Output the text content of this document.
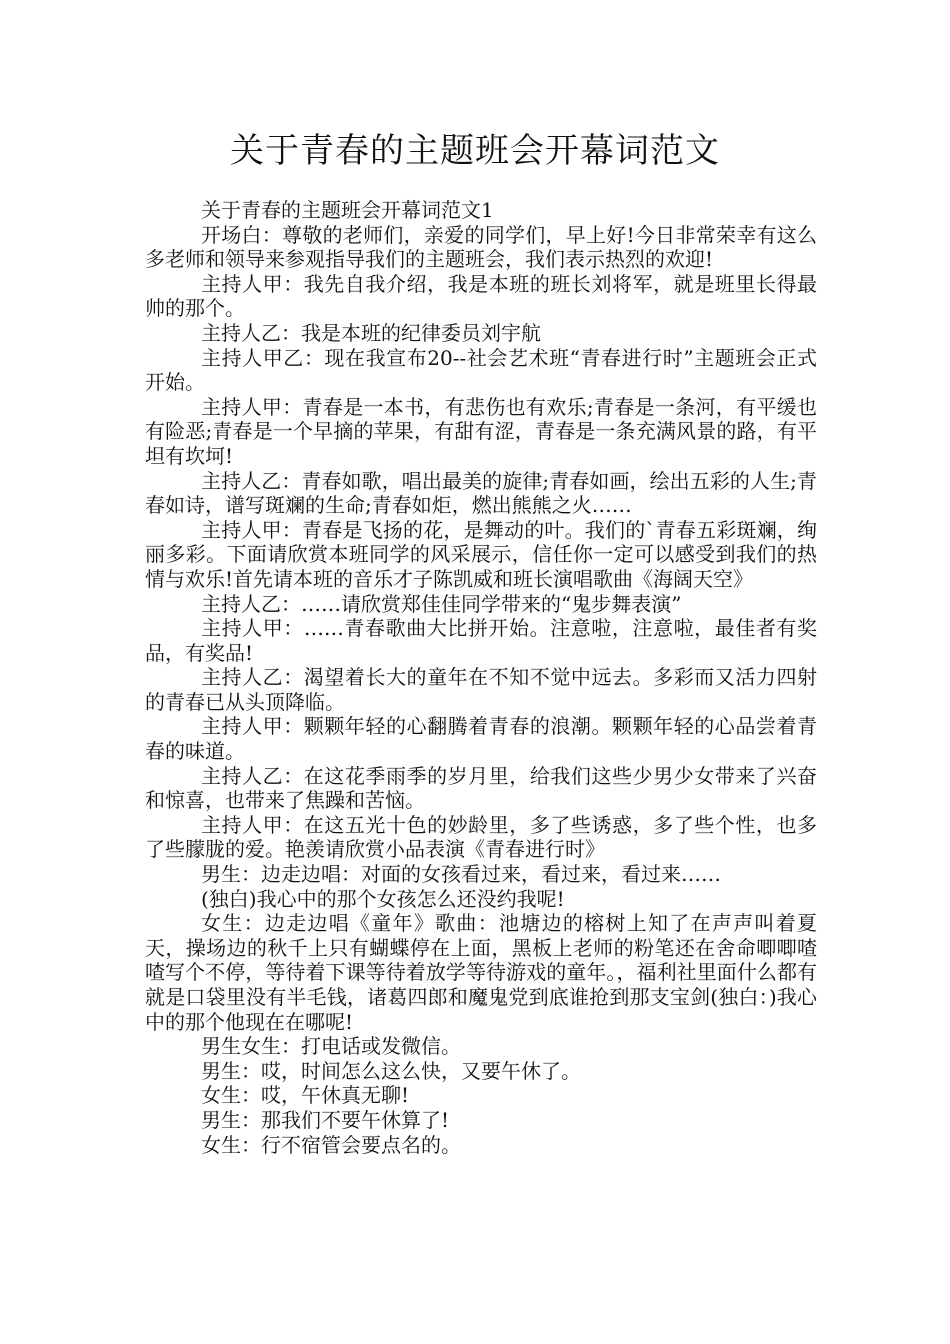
关于青春的主题班会开幕词范文

关于青春的主题班会开幕词范文1

开场白：尊敬的老师们，亲爱的同学们，早上好!今日非常荣幸有这么多老师和领导来参观指导我们的主题班会，我们表示热烈的欢迎!

主持人甲：我先自我介绍，我是本班的班长刘将军，就是班里长得最帅的那个。

主持人乙：我是本班的纪律委员刘宇航

主持人甲乙：现在我宣布20--社会艺术班“青春进行时”主题班会正式开始。

主持人甲：青春是一本书，有悲伤也有欢乐;青春是一条河，有平缓也有险恶;青春是一个早摘的苹果，有甜有涩，青春是一条充满风景的路，有平坦有坎坷!

主持人乙：青春如歌，唱出最美的旋律;青春如画，绘出五彩的人生;青春如诗，谱写斑斓的生命;青春如炬，燃出熊熊之火……

主持人甲：青春是飞扬的花，是舞动的叶。我们的`青春五彩斑斓，绚丽多彩。下面请欣赏本班同学的风采展示，信任你一定可以感受到我们的热情与欢乐!首先请本班的音乐才子陈凯威和班长演唱歌曲《海阔天空》

主持人乙：……请欣赏郑佳佳同学带来的“鬼步舞表演”

主持人甲：……青春歌曲大比拼开始。注意啦，注意啦，最佳者有奖品，有奖品!

主持人乙：渴望着长大的童年在不知不觉中远去。多彩而又活力四射的青春已从头顶降临。

主持人甲：颗颗年轻的心翻腾着青春的浪潮。颗颗年轻的心品尝着青春的味道。

主持人乙：在这花季雨季的岁月里，给我们这些少男少女带来了兴奋和惊喜，也带来了焦躁和苦恼。

主持人甲：在这五光十色的妙龄里，多了些诱惑，多了些个性，也多了些朦胧的爱。艳羡请欣赏小品表演《青春进行时》

男生：边走边唱：对面的女孩看过来，看过来，看过来……

(独白)我心中的那个女孩怎么还没约我呢!

女生：边走边唱《童年》歌曲：池塘边的榕树上知了在声声叫着夏天，操场边的秋千上只有蝴蝶停在上面，黑板上老师的粉笔还在舍命唧唧喳喳写个不停，等待着下课等待着放学等待游戏的童年。，福利社里面什么都有就是口袋里没有半毛钱，诸葛四郎和魔鬼党到底谁抢到那支宝剑(独白：)我心中的那个他现在在哪呢!

男生女生：打电话或发微信。

男生：哎，时间怎么这么快，又要午休了。

女生：哎，午休真无聊!

男生：那我们不要午休算了!

女生：行不宿管会要点名的。
